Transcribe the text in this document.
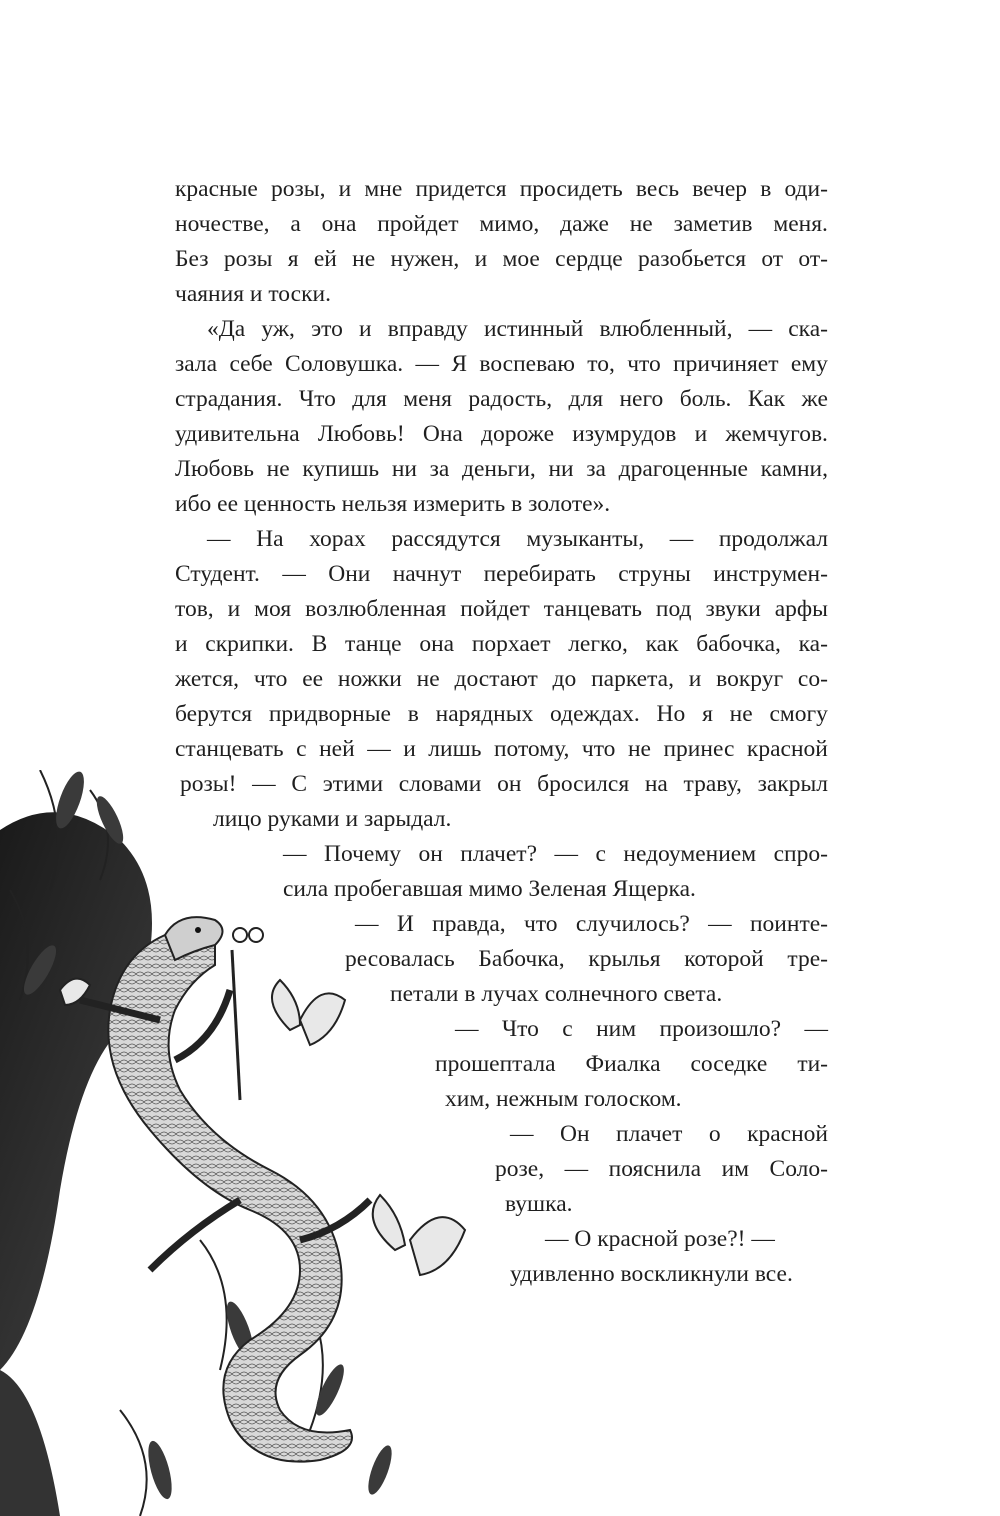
красные розы, и мне придется просидеть весь вечер в оди-
ночестве, а она пройдет мимо, даже не заметив меня.
Без розы я ей не нужен, и мое сердце разобьется от от-
чаяния и тоски.
«Да уж, это и вправду истинный влюбленный, — ска-
зала себе Соловушка. — Я воспеваю то, что причиняет ему
страдания. Что для меня радость, для него боль. Как же
удивительна Любовь! Она дороже изумрудов и жемчугов.
Любовь не купишь ни за деньги, ни за драгоценные камни,
ибо ее ценность нельзя измерить в золоте».
— На хорах рассядутся музыканты, — продолжал
Студент. — Они начнут перебирать струны инструмен-
тов, и моя возлюбленная пойдет танцевать под звуки арфы
и скрипки. В танце она порхает легко, как бабочка, ка-
жется, что ее ножки не достают до паркета, и вокруг со-
берутся придворные в нарядных одеждах. Но я не смогу
станцевать с ней — и лишь потому, что не принес красной
розы! — С этими словами он бросился на траву, закрыл
лицо руками и зарыдал.
— Почему он плачет? — с недоумением спро-
сила пробегавшая мимо Зеленая Ящерка.
— И правда, что случилось? — поинте-
ресовалась Бабочка, крылья которой тре-
петали в лучах солнечного света.
— Что с ним произошло? —
прошептала Фиалка соседке ти-
хим, нежным голоском.
— Он плачет о красной
розе, — пояснила им Соло-
вушка.
— О красной розе?! —
удивленно воскликнули все.
